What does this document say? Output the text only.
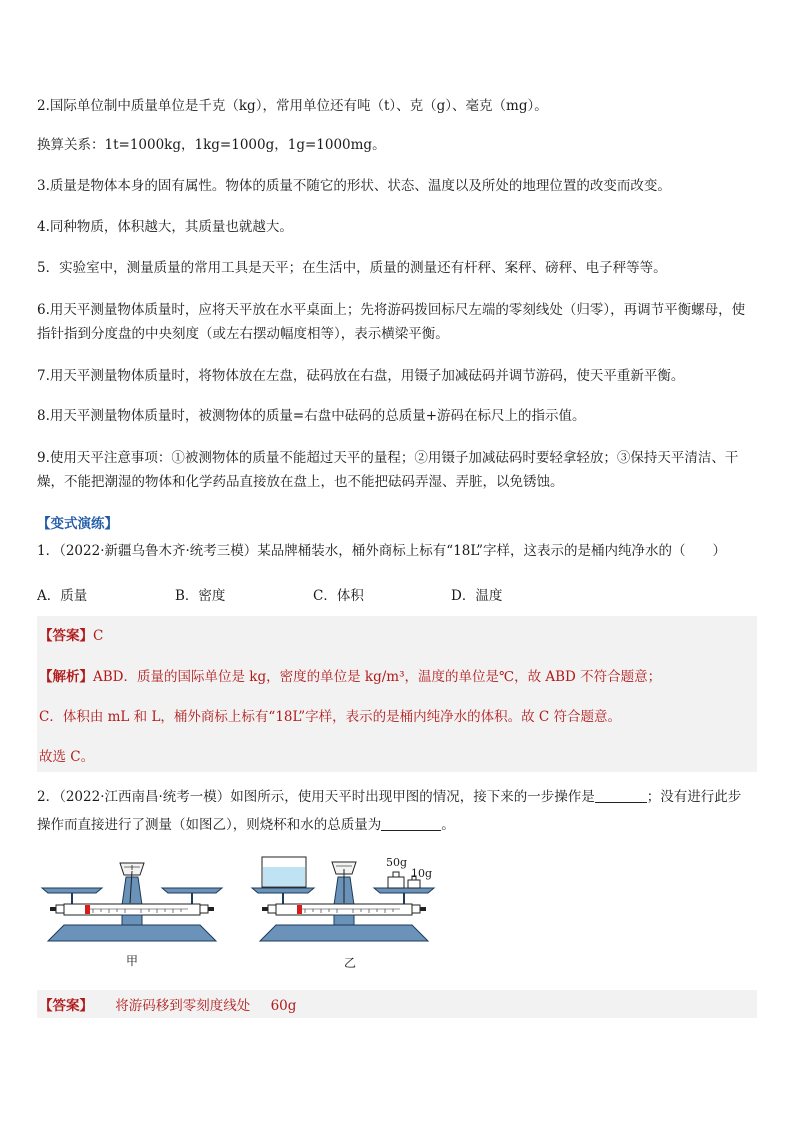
2.国际单位制中质量单位是千克（kg），常用单位还有吨（t）、克（g）、毫克（mg）。
换算关系：1t=1000kg，1kg=1000g，1g=1000mg。
3.质量是物体本身的固有属性。物体的质量不随它的形状、状态、温度以及所处的地理位置的改变而改变。
4.同种物质，体积越大，其质量也就越大。
5．实验室中，测量质量的常用工具是天平；在生活中，质量的测量还有杆秤、案秤、磅秤、电子秤等等。
6.用天平测量物体质量时，应将天平放在水平桌面上；先将游码拨回标尺左端的零刻线处（归零），再调节平衡螺母，使指针指到分度盘的中央刻度（或左右摆动幅度相等），表示横梁平衡。
7.用天平测量物体质量时，将物体放在左盘，砝码放在右盘，用镊子加减砝码并调节游码，使天平重新平衡。
8.用天平测量物体质量时，被测物体的质量=右盘中砝码的总质量+游码在标尺上的指示值。
9.使用天平注意事项：①被测物体的质量不能超过天平的量程；②用镊子加减砝码时要轻拿轻放；③保持天平清洁、干燥，不能把潮湿的物体和化学药品直接放在盘上，也不能把砝码弄湿、弄脏，以免锈蚀。
【变式演练】
1．（2022·新疆乌鲁木齐·统考三模）某品牌桶装水，桶外商标上标有“18L”字样，这表示的是桶内纯净水的（　　）
A．质量	B．密度	C．体积	D．温度
【答案】C
【解析】ABD．质量的国际单位是 kg，密度的单位是 kg/m³，温度的单位是℃，故 ABD 不符合题意；
C．体积由 mL 和 L，桶外商标上标有“18L”字样，表示的是桶内纯净水的体积。故 C 符合题意。
故选 C。
2．（2022·江西南昌·统考一模）如图所示，使用天平时出现甲图的情况，接下来的一步操作是	；没有进行此步
操作而直接进行了测量（如图乙），则烧杯和水的总质量为	。
甲
50g
10g
乙
【答案】 将游码移到零刻度线处 60g
